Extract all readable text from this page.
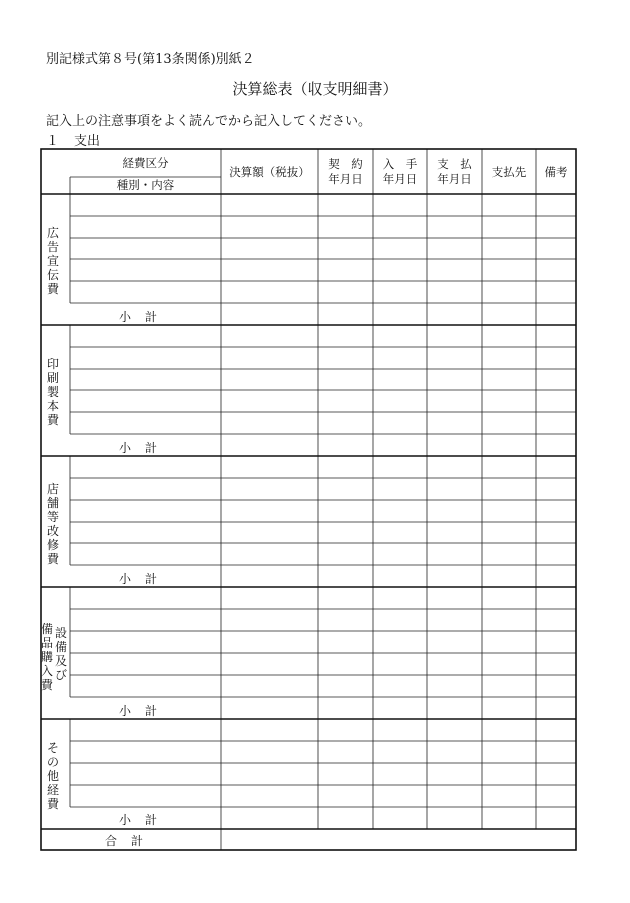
別記様式第８号(第13条関係)別紙２
決算総表（収支明細書）
記入上の注意事項をよく読んでから記入してください。
１ 支出
経費区分
種別・内容
決算額（税抜）
契　約
年月日
入　手
年月日
支　払
年月日	支払先	備考
広
告
宣
伝
費
印
刷
製
本
費
店
舗
等
改
修
費
備
品
購
入
費
設
備
及
び
そ
の
他
経
費
小計
小計
小計
小計
小計
合計
